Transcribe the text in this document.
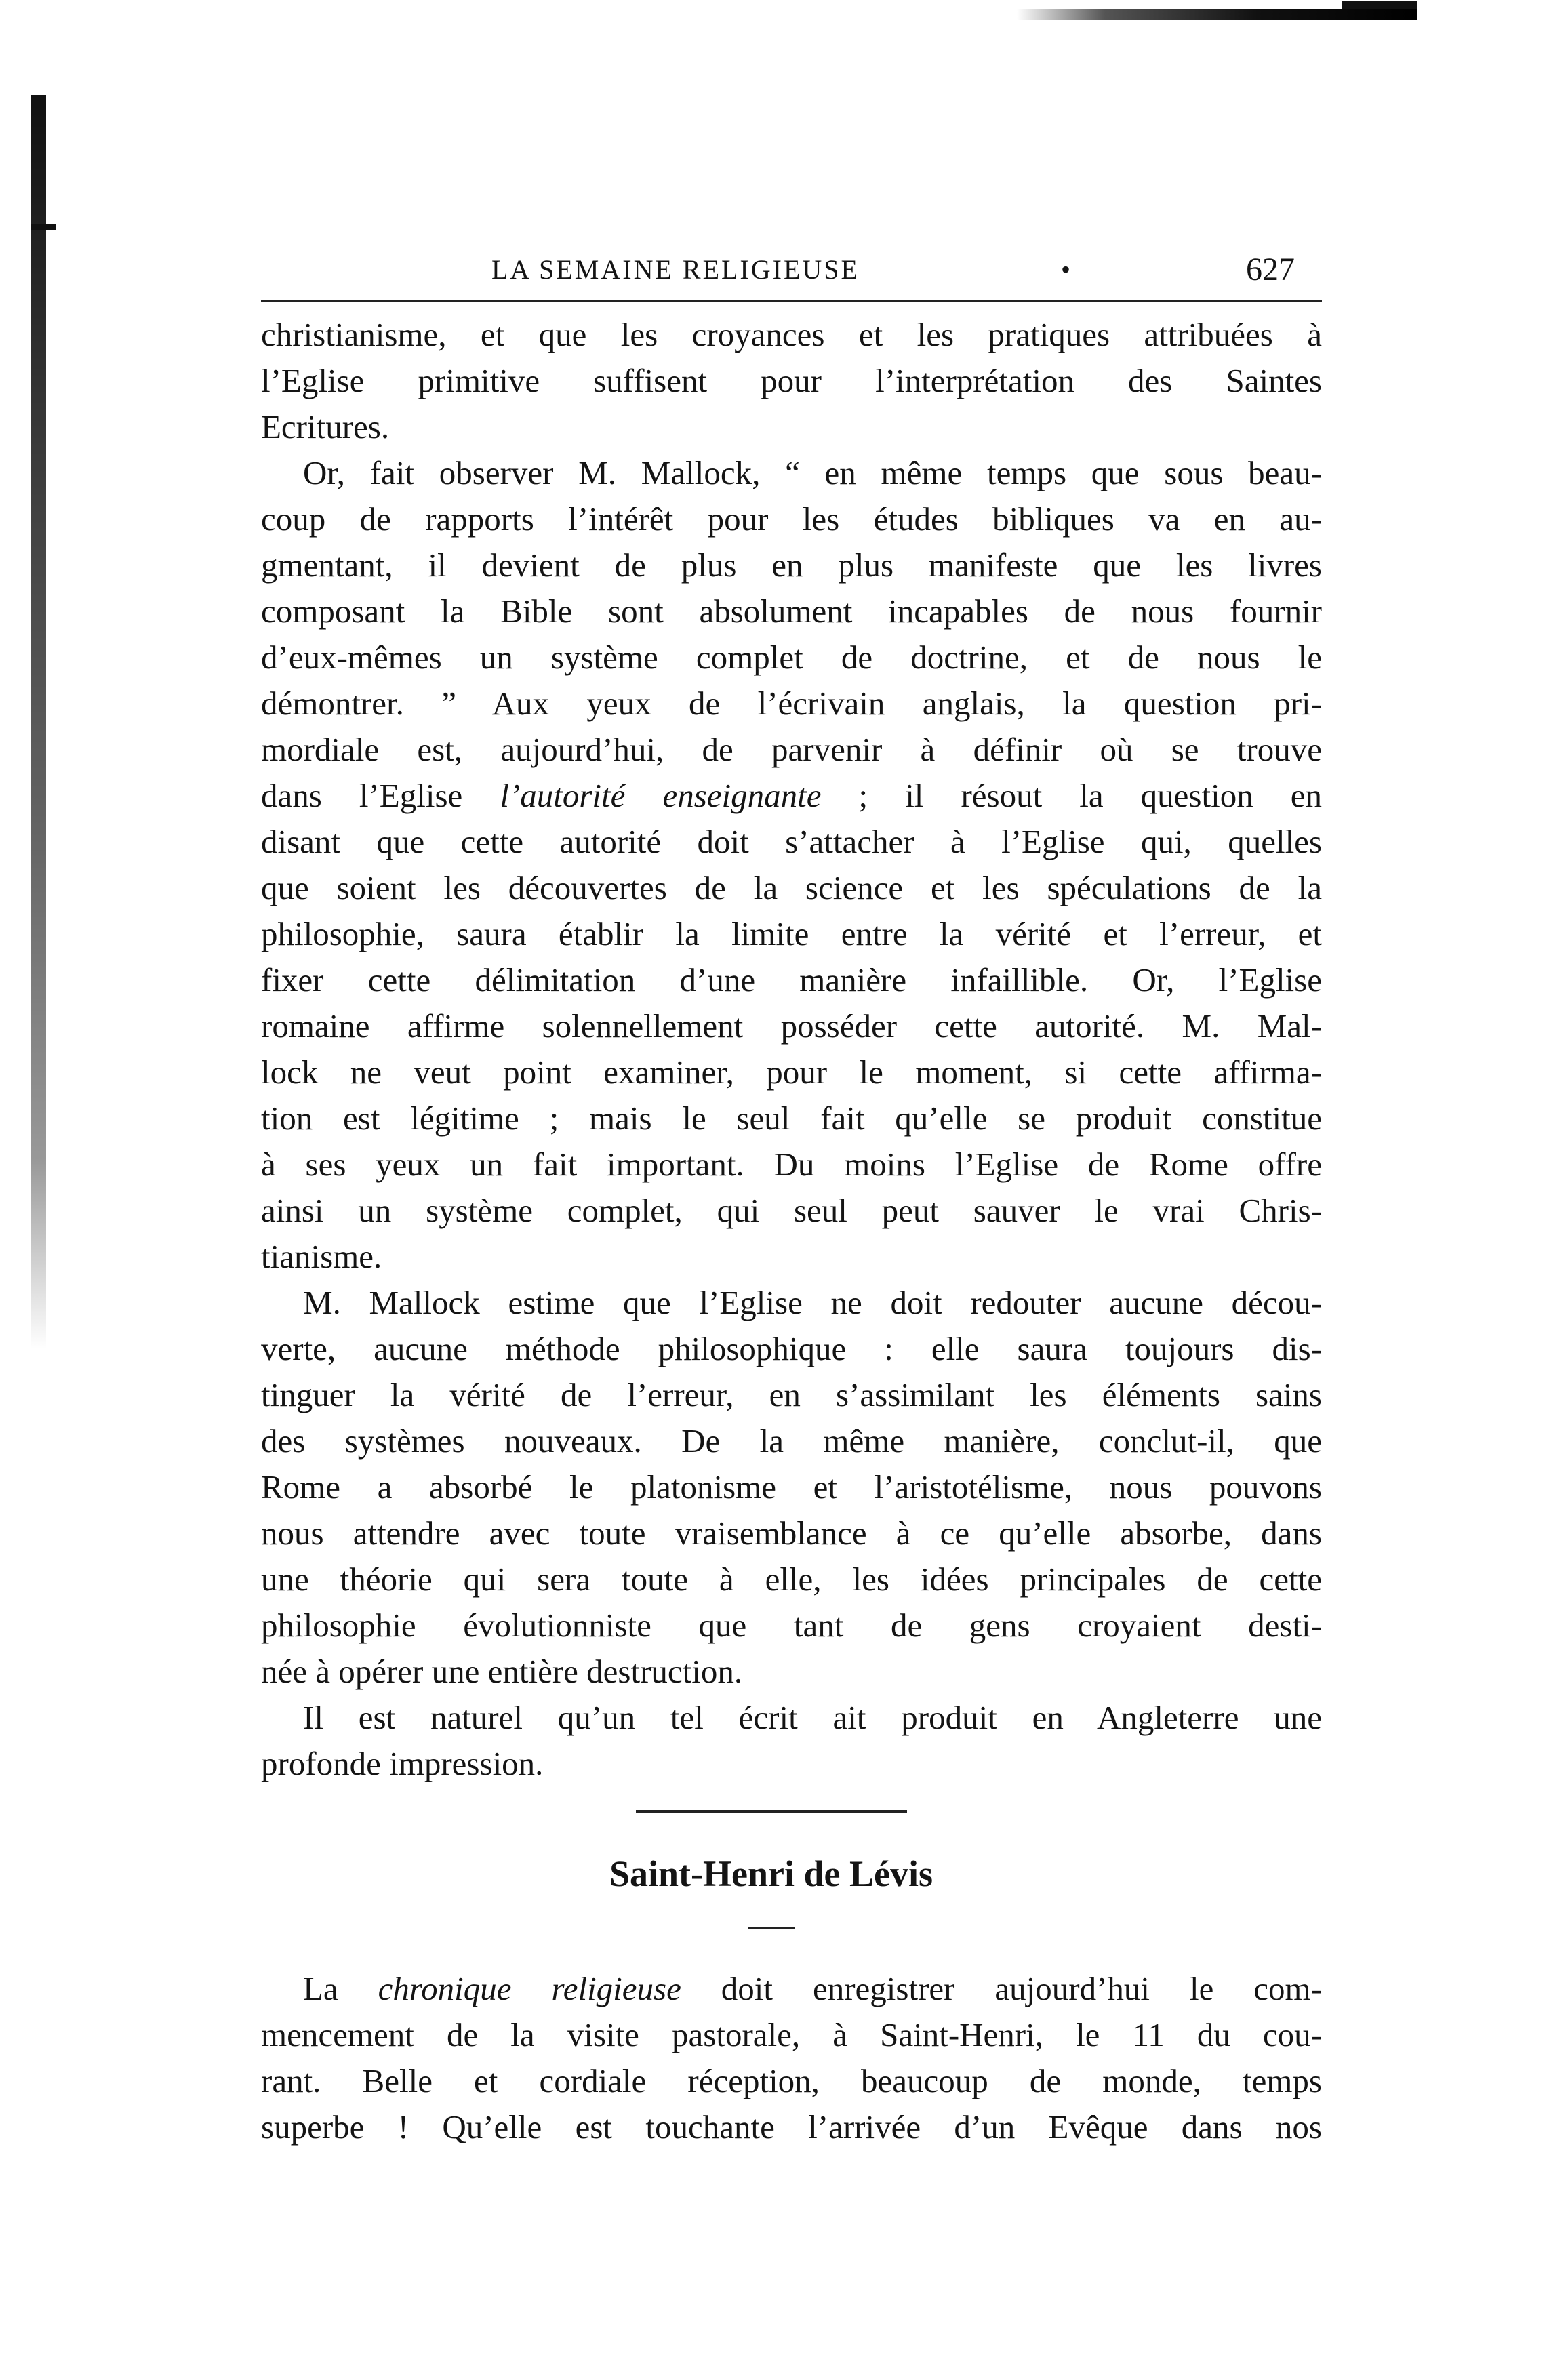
LA SEMAINE RELIGIEUSE	•	627
christianisme, et que les croyances et les pratiques attribuées à
l’Eglise primitive suffisent pour l’interprétation des Saintes
Ecritures.
Or, fait observer M. Mallock, “ en même temps que sous beau-
coup de rapports l’intérêt pour les études bibliques va en au-
gmentant, il devient de plus en plus manifeste que les livres
composant la Bible sont absolument incapables de nous fournir
d’eux-mêmes un système complet de doctrine, et de nous le
démontrer. ” Aux yeux de l’écrivain anglais, la question pri-
mordiale est, aujourd’hui, de parvenir à définir où se trouve
dans l’Eglise l’autorité enseignante ; il résout la question en
disant que cette autorité doit s’attacher à l’Eglise qui, quelles
que soient les découvertes de la science et les spéculations de la
philosophie, saura établir la limite entre la vérité et l’erreur, et
fixer cette délimitation d’une manière infaillible. Or, l’Eglise
romaine affirme solennellement posséder cette autorité. M. Mal-
lock ne veut point examiner, pour le moment, si cette affirma-
tion est légitime ; mais le seul fait qu’elle se produit constitue
à ses yeux un fait important. Du moins l’Eglise de Rome offre
ainsi un système complet, qui seul peut sauver le vrai Chris-
tianisme.
M. Mallock estime que l’Eglise ne doit redouter aucune décou-
verte, aucune méthode philosophique : elle saura toujours dis-
tinguer la vérité de l’erreur, en s’assimilant les éléments sains
des systèmes nouveaux. De la même manière, conclut-il, que
Rome a absorbé le platonisme et l’aristotélisme, nous pouvons
nous attendre avec toute vraisemblance à ce qu’elle absorbe, dans
une théorie qui sera toute à elle, les idées principales de cette
philosophie évolutionniste que tant de gens croyaient desti-
née à opérer une entière destruction.
Il est naturel qu’un tel écrit ait produit en Angleterre une
profonde impression.
Saint-Henri de Lévis
La chronique religieuse doit enregistrer aujourd’hui le com-
mencement de la visite pastorale, à Saint-Henri, le 11 du cou-
rant. Belle et cordiale réception, beaucoup de monde, temps
superbe ! Qu’elle est touchante l’arrivée d’un Evêque dans nos
